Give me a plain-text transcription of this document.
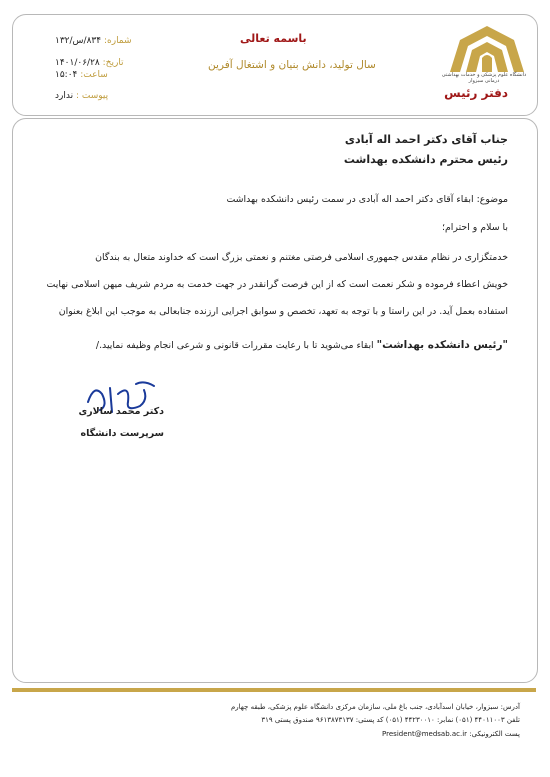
دانشگاه علوم پزشکی و خدمات بهداشتی درمانی سبزوار
دفتر رئیس
باسمه تعالی
سال تولید، دانش بنیان و اشتغال آفرین
شماره: ۸۳۴/س/۱۳۲
تاریخ: ۱۴۰۱/۰۶/۲۸
ساعت: ۱۵:۰۴
پیوست : ندارد
جناب آقای دکتر احمد اله آبادی
رئیس محترم دانشکده بهداشت
موضوع: ابقاء آقای دکتر احمد اله آبادی در سمت رئیس دانشکده بهداشت
با سلام و احترام؛
خدمتگزاری در نظام مقدس جمهوری اسلامی فرصتی مغتنم و نعمتی بزرگ است که خداوند متعال به بندگان
خویش اعطاء فرموده و شکر نعمت است که از این فرصت گرانقدر در جهت خدمت به مردم شریف میهن اسلامی نهایت
استفاده بعمل آید. در این راستا و با توجه به تعهد، تخصص و سوابق اجرایی ارزنده جنابعالی به موجب این ابلاغ بعنوان
"رئیس دانشکده بهداشت" ابقاء می‌شوید تا با رعایت مقررات قانونی و شرعی انجام وظیفه نمایید./
دکتر محمد سالاری
سرپرست دانشگاه
آدرس: سبزوار، خیابان اسدآبادی، جنب باغ ملی، سازمان مرکزی دانشگاه علوم پزشکی، طبقه چهارم
تلفن ۴۴۰۱۱۰۰۳ (۰۵۱) نمابر: ۴۴۲۳۰۰۱۰ (۰۵۱) کد پستی: ۹۶۱۳۸۷۳۱۳۷ صندوق پستی ۳۱۹
پست الکترونیکی: President@medsab.ac.ir
